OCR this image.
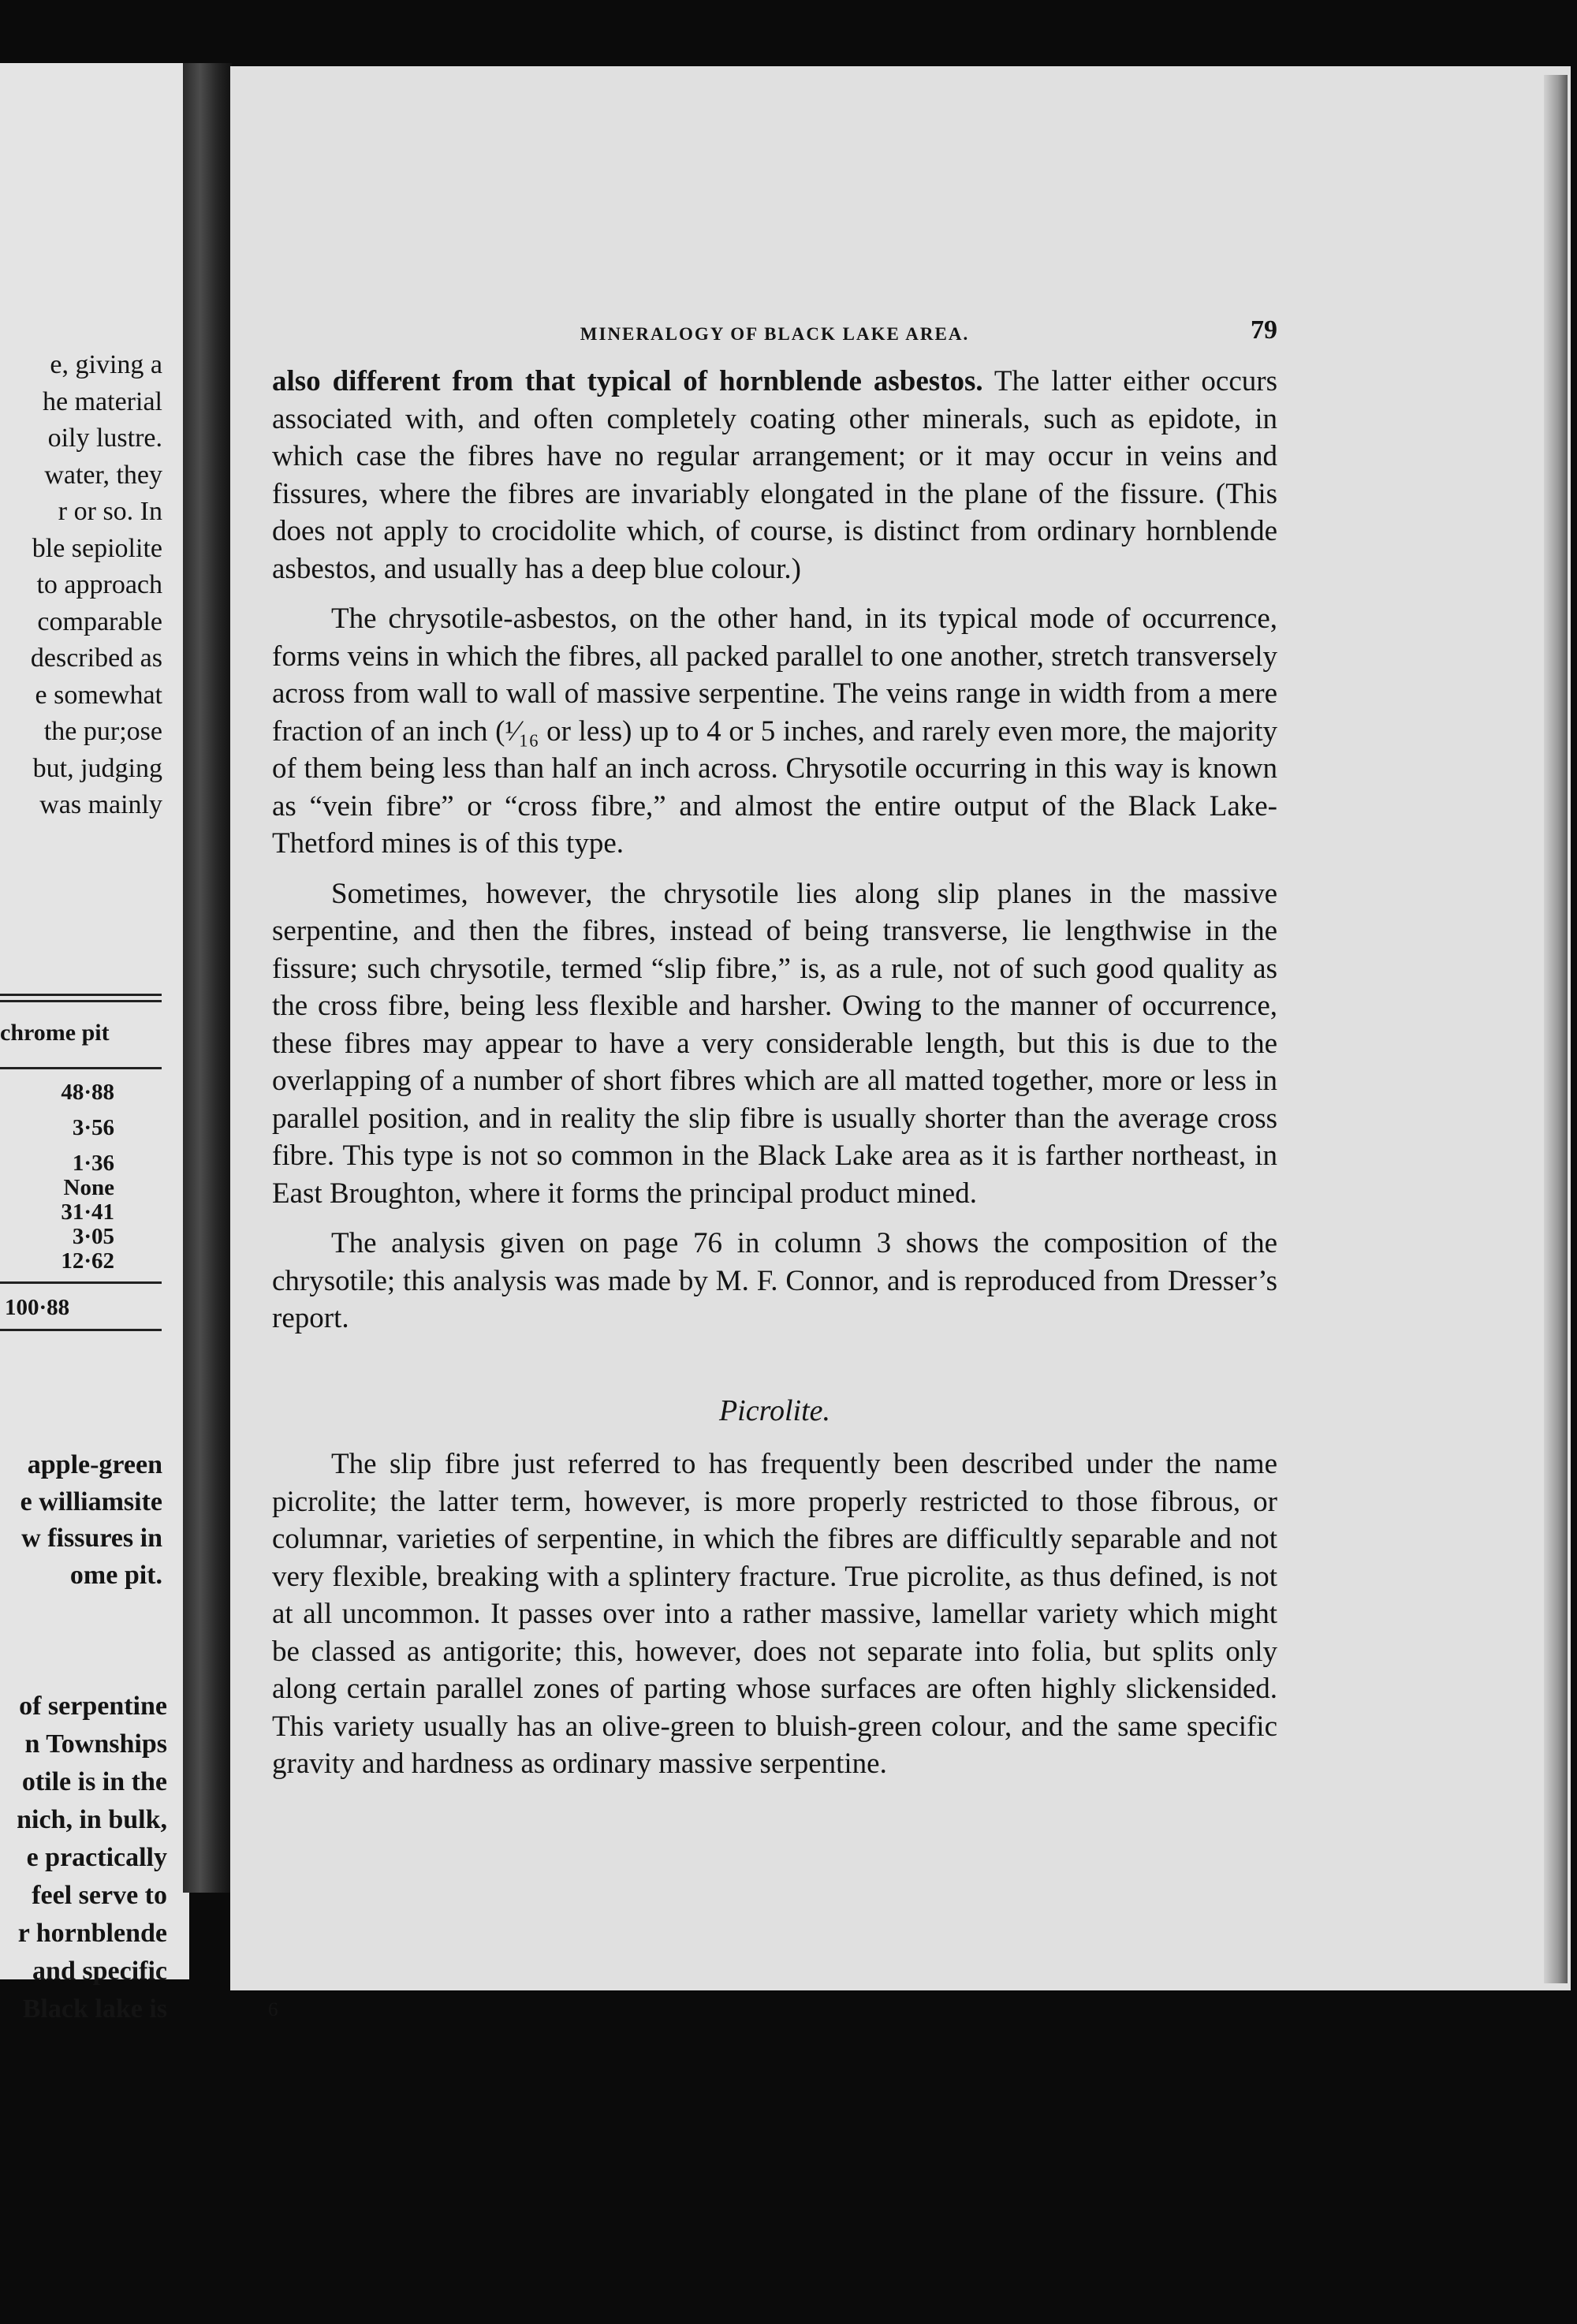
e, giving a
he material
oily lustre.
water, they
r or so. In
ble sepiolite
to approach
comparable
described as
e somewhat
the pur;ose
but, judging
was mainly
chrome pit
48·88
3·56
1·36
None
31·41
3·05
12·62
100·88
apple-green
e williamsite
w fissures in
ome pit.
of serpentine
n Townships
otile is in the
nich, in bulk,
e practically
feel serve to
r hornblende
and specific
Black lake is
MINERALOGY OF BLACK LAKE AREA.	79

also different from that typical of hornblende asbestos. The latter either occurs associated with, and often completely coating other minerals, such as epidote, in which case the fibres have no regular arrangement; or it may occur in veins and fissures, where the fibres are invariably elongated in the plane of the fissure. (This does not apply to crocidolite which, of course, is distinct from ordinary hornblende asbestos, and usually has a deep blue colour.)

The chrysotile-asbestos, on the other hand, in its typical mode of occurrence, forms veins in which the fibres, all packed parallel to one another, stretch transversely across from wall to wall of massive serpentine. The veins range in width from a mere fraction of an inch (¹⁄₁₆ or less) up to 4 or 5 inches, and rarely even more, the majority of them being less than half an inch across. Chrysotile occurring in this way is known as “vein fibre” or “cross fibre,” and almost the entire output of the Black Lake-Thetford mines is of this type.

Sometimes, however, the chrysotile lies along slip planes in the massive serpentine, and then the fibres, instead of being transverse, lie lengthwise in the fissure; such chrysotile, termed “slip fibre,” is, as a rule, not of such good quality as the cross fibre, being less flexible and harsher. Owing to the manner of occurrence, these fibres may appear to have a very considerable length, but this is due to the overlapping of a number of short fibres which are all matted together, more or less in parallel position, and in reality the slip fibre is usually shorter than the average cross fibre. This type is not so common in the Black Lake area as it is farther northeast, in East Broughton, where it forms the principal product mined.

The analysis given on page 76 in column 3 shows the composition of the chrysotile; this analysis was made by M. F. Connor, and is reproduced from Dresser’s report.

Picrolite.

The slip fibre just referred to has frequently been described under the name picrolite; the latter term, however, is more properly restricted to those fibrous, or columnar, varieties of serpentine, in which the fibres are difficultly separable and not very flexible, breaking with a splintery fracture. True picrolite, as thus defined, is not at all uncommon. It passes over into a rather massive, lamellar variety which might be classed as antigorite; this, however, does not separate into folia, but splits only along certain parallel zones of parting whose surfaces are often highly slickensided. This variety usually has an olive-green to bluish-green colour, and the same specific gravity and hardness as ordinary massive serpentine.

6
